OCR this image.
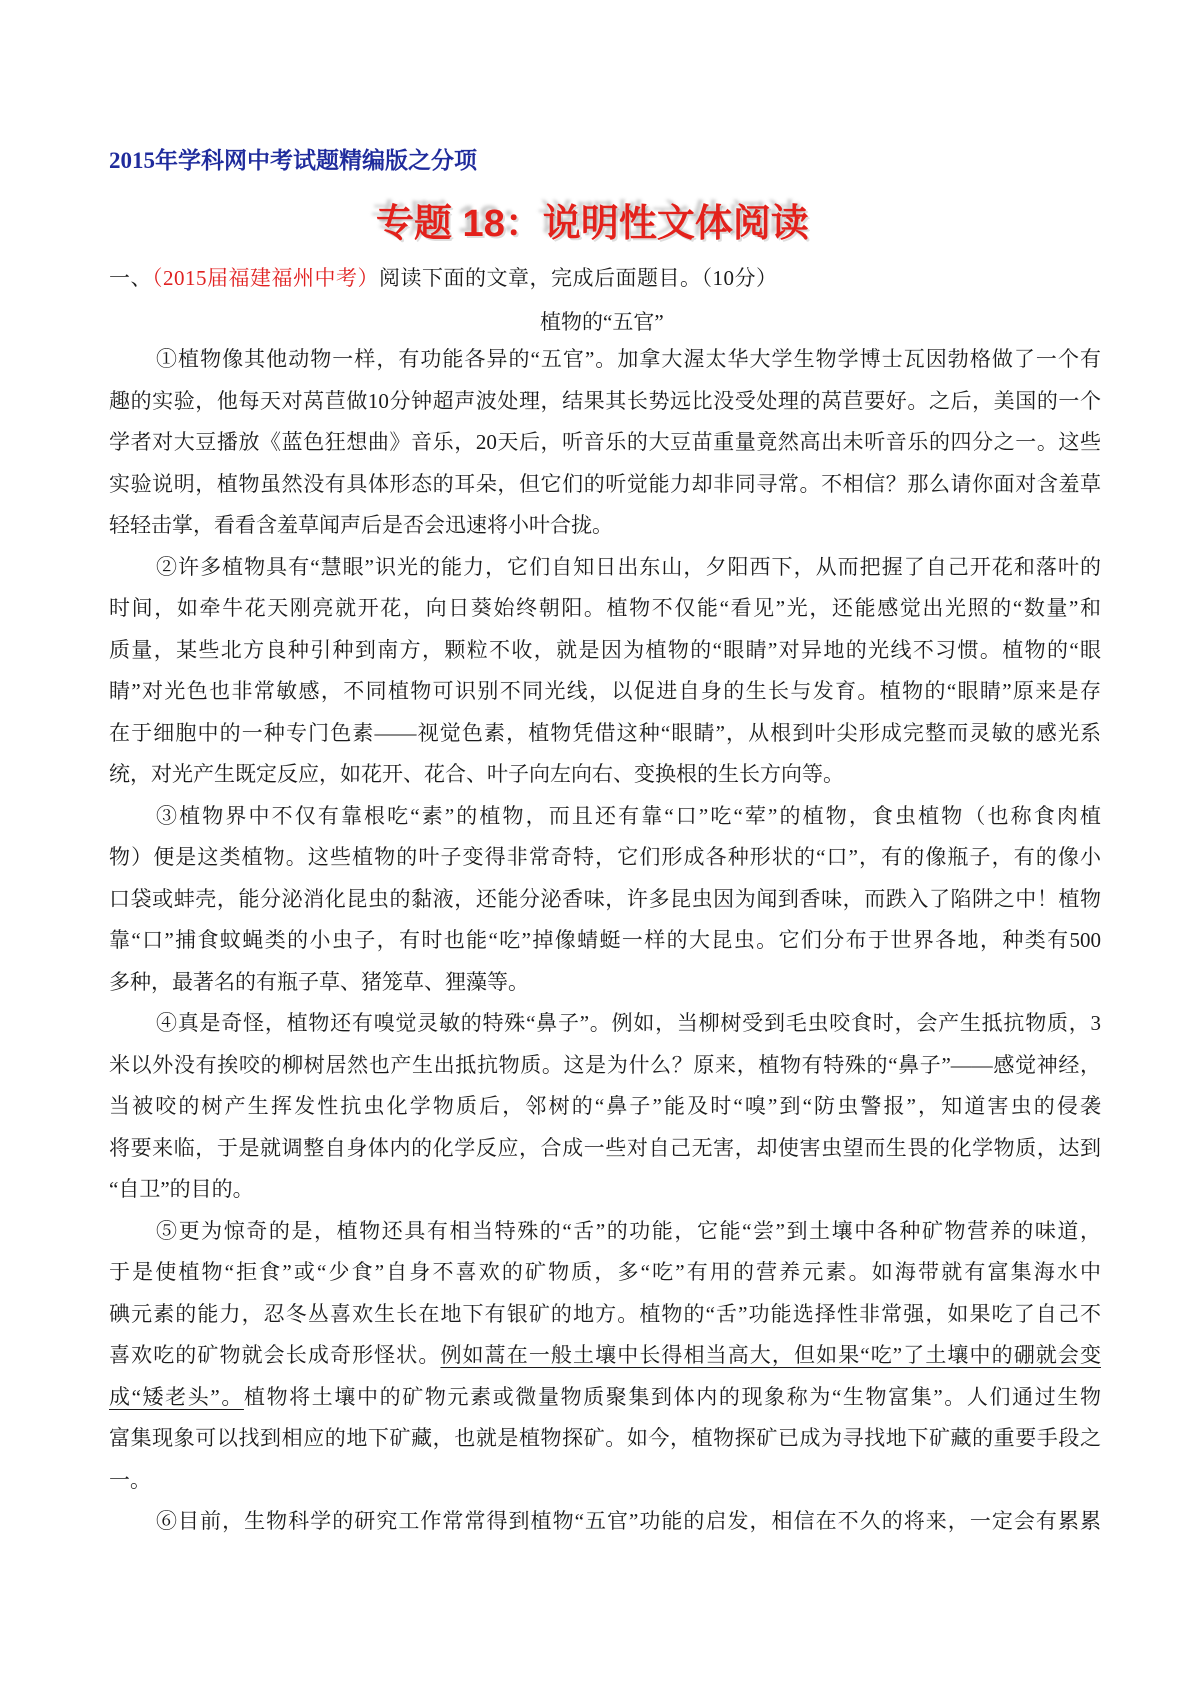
2015年学科网中考试题精编版之分项
专题 18：说明性文体阅读
一、（2015届福建福州中考）阅读下面的文章，完成后面题目。（10分）
植物的“五官”
①植物像其他动物一样，有功能各异的“五官”。加拿大渥太华大学生物学博士瓦因勃格做了一个有
趣的实验，他每天对莴苣做10分钟超声波处理，结果其长势远比没受处理的莴苣要好。之后，美国的一个
学者对大豆播放《蓝色狂想曲》音乐，20天后，听音乐的大豆苗重量竟然高出未听音乐的四分之一。这些
实验说明，植物虽然没有具体形态的耳朵，但它们的听觉能力却非同寻常。不相信？那么请你面对含羞草
轻轻击掌，看看含羞草闻声后是否会迅速将小叶合拢。
②许多植物具有“慧眼”识光的能力，它们自知日出东山，夕阳西下，从而把握了自己开花和落叶的
时间，如牵牛花天刚亮就开花，向日葵始终朝阳。植物不仅能“看见”光，还能感觉出光照的“数量”和
质量，某些北方良种引种到南方，颗粒不收，就是因为植物的“眼睛”对异地的光线不习惯。植物的“眼
睛”对光色也非常敏感，不同植物可识别不同光线，以促进自身的生长与发育。植物的“眼睛”原来是存
在于细胞中的一种专门色素——视觉色素，植物凭借这种“眼睛”，从根到叶尖形成完整而灵敏的感光系
统，对光产生既定反应，如花开、花合、叶子向左向右、变换根的生长方向等。
③植物界中不仅有靠根吃“素”的植物，而且还有靠“口”吃“荤”的植物，食虫植物（也称食肉植
物）便是这类植物。这些植物的叶子变得非常奇特，它们形成各种形状的“口”，有的像瓶子，有的像小
口袋或蚌壳，能分泌消化昆虫的黏液，还能分泌香味，许多昆虫因为闻到香味，而跌入了陷阱之中！植物
靠“口”捕食蚊蝇类的小虫子，有时也能“吃”掉像蜻蜓一样的大昆虫。它们分布于世界各地，种类有500
多种，最著名的有瓶子草、猪笼草、狸藻等。
④真是奇怪，植物还有嗅觉灵敏的特殊“鼻子”。例如，当柳树受到毛虫咬食时，会产生抵抗物质，3
米以外没有挨咬的柳树居然也产生出抵抗物质。这是为什么？原来，植物有特殊的“鼻子”——感觉神经，
当被咬的树产生挥发性抗虫化学物质后，邻树的“鼻子”能及时“嗅”到“防虫警报”，知道害虫的侵袭
将要来临，于是就调整自身体内的化学反应，合成一些对自己无害，却使害虫望而生畏的化学物质，达到
“自卫”的目的。
⑤更为惊奇的是，植物还具有相当特殊的“舌”的功能，它能“尝”到土壤中各种矿物营养的味道，
于是使植物“拒食”或“少食”自身不喜欢的矿物质，多“吃”有用的营养元素。如海带就有富集海水中
碘元素的能力，忍冬丛喜欢生长在地下有银矿的地方。植物的“舌”功能选择性非常强，如果吃了自己不
喜欢吃的矿物就会长成奇形怪状。例如蒿在一般土壤中长得相当高大，但如果“吃”了土壤中的硼就会变
成“矮老头”。植物将土壤中的矿物元素或微量物质聚集到体内的现象称为“生物富集”。人们通过生物
富集现象可以找到相应的地下矿藏，也就是植物探矿。如今，植物探矿已成为寻找地下矿藏的重要手段之
一。
⑥目前，生物科学的研究工作常常得到植物“五官”功能的启发，相信在不久的将来，一定会有累累
